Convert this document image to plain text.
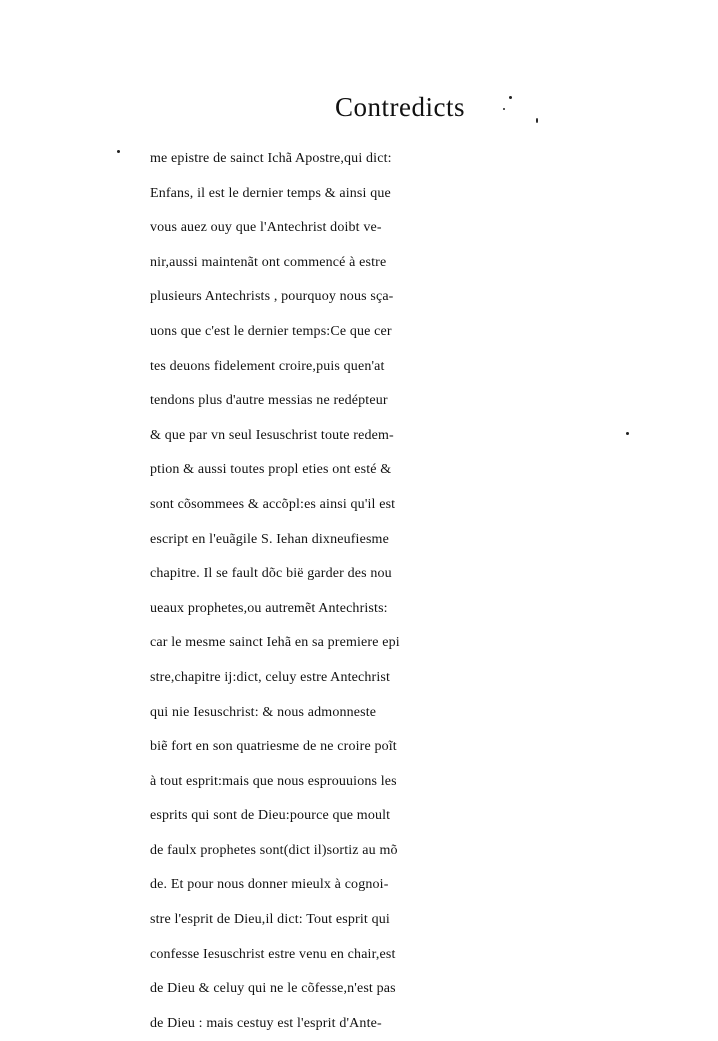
Contredicts
me epistre de sainct Ichã Apostre,qui dict:
Enfans, il est le dernier temps & ainsi que
vous auez ouy que l'Antechrist doibt ve-
nir,aussi maintenãt ont commencé à estre
plusieurs Antechrists , pourquoy nous sça-
uons que c'est le dernier temps:Ce que cer
tes deuons fidelement croire,puis quen'at
tendons plus d'autre messias ne redépteur
& que par vn seul Iesuschrist toute redem-
ption & aussi toutes propl eties ont esté &
sont cõsommees & accõpl:es ainsi qu'il est
escript en l'euãgile S. Iehan dixneufiesme
chapitre. Il se fault dõc bië garder des nou
ueaux prophetes,ou autremẽt Antechrists:
car le mesme sainct Iehã en sa premiere epi
stre,chapitre ij:dict, celuy estre Antechrist
qui nie Iesuschrist: & nous admonneste
biẽ fort en son quatriesme de ne croire poĩt
à tout esprit:mais que nous esprouuions les
esprits qui sont de Dieu:pource que moult
de faulx prophetes sont(dict il)sortiz au mõ
de. Et pour nous donner mieulx à cognoi-
stre l'esprit de Dieu,il dict: Tout esprit qui
confesse Iesuschrist estre venu en chair,est
de Dieu & celuy qui ne le cõfesse,n'est pas
de Dieu : mais cestuy est l'esprit d'Ante-
